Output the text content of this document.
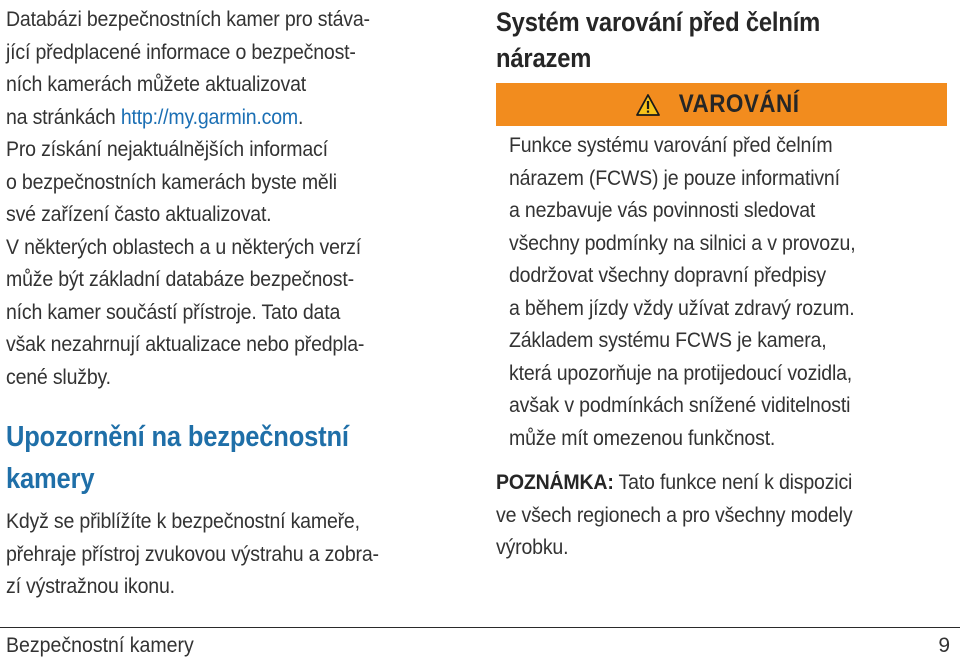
Databázi bezpečnostních kamer pro stáva-
jící předplacené informace o bezpečnost-
ních kamerách můžete aktualizovat
na stránkách http://my.garmin.com.
Pro získání nejaktuálnějších informací
o bezpečnostních kamerách byste měli
své zařízení často aktualizovat.
V některých oblastech a u některých verzí
může být základní databáze bezpečnost-
ních kamer součástí přístroje. Tato data
však nezahrnují aktualizace nebo předpla-
cené služby.
Upozornění na bezpečnostní
kamery
Když se přiblížíte k bezpečnostní kameře,
přehraje přístroj zvukovou výstrahu a zobra-
zí výstražnou ikonu.
Systém varování před čelním
nárazem
VAROVÁNÍ
Funkce systému varování před čelním
nárazem (FCWS) je pouze informativní
a nezbavuje vás povinnosti sledovat
všechny podmínky na silnici a v provozu,
dodržovat všechny dopravní předpisy
a během jízdy vždy užívat zdravý rozum.
Základem systému FCWS je kamera,
která upozorňuje na protijedoucí vozidla,
avšak v podmínkách snížené viditelnosti
může mít omezenou funkčnost.
POZNÁMKA: Tato funkce není k dispozici
ve všech regionech a pro všechny modely
výrobku.
Bezpečnostní kamery	9
